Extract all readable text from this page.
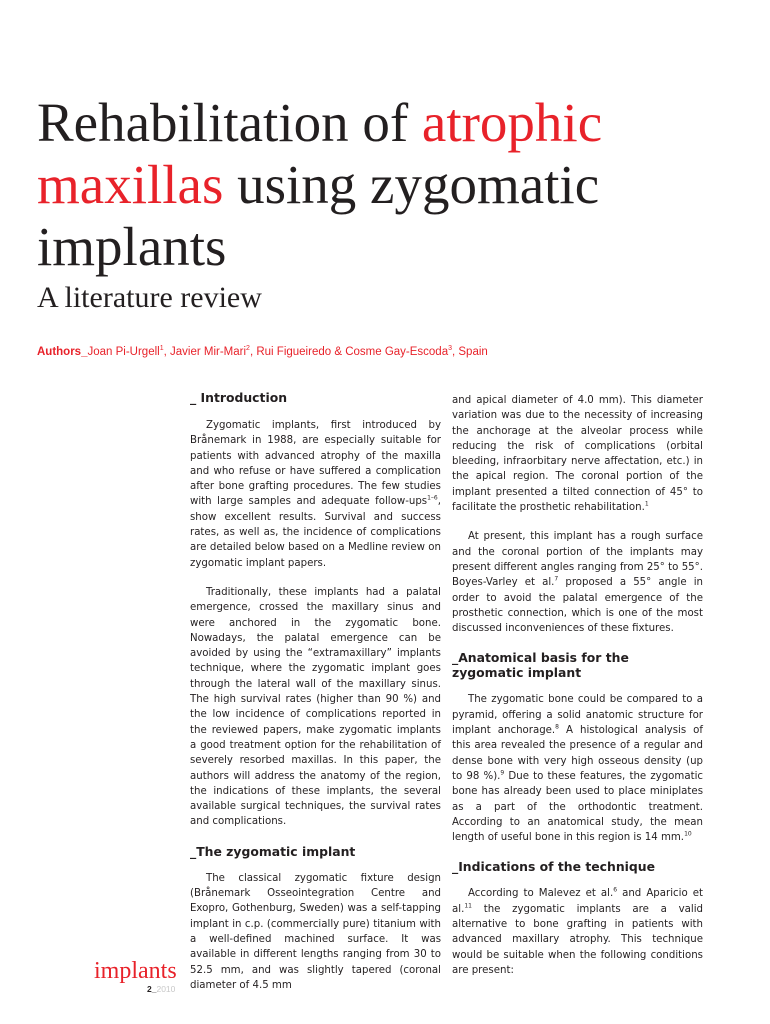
Rehabilitation of atrophic
maxillas using zygomatic
implants
A literature review
Authors_Joan Pi-Urgell$^1$, Javier Mir-Mari$^2$, Rui Figueiredo & Cosme Gay-Escoda$^3$, Spain
_ Introduction

Zygomatic implants, first introduced by Brånemark in 1988, are especially suitable for patients with advanced atrophy of the maxilla and who refuse or have suffered a complication after bone grafting procedures. The few studies with large samples and adequate follow-ups$^{1-6}$, show excellent results. Survival and success rates, as well as, the incidence of complications are detailed below based on a Medline review on zygomatic implant papers.

Traditionally, these implants had a palatal emergence, crossed the maxillary sinus and were anchored in the zygomatic bone. Nowadays, the palatal emergence can be avoided by using the “extramaxillary” implants technique, where the zygomatic implant goes through the lateral wall of the maxillary sinus. The high survival rates (higher than 90 %) and the low incidence of complications reported in the reviewed papers, make zygomatic implants a good treatment option for the rehabilitation of severely resorbed maxillas. In this paper, the authors will address the anatomy of the region, the indications of these implants, the several available surgical techniques, the survival rates and complications.

_The zygomatic implant

The classical zygomatic fixture design (Brånemark Osseointegration Centre and Exopro, Gothenburg, Sweden) was a self-tapping implant in c.p. (commercially pure) titanium with a well-defined machined surface. It was available in different lengths ranging from 30 to 52.5 mm, and was slightly tapered (coronal diameter of 4.5 mm

and apical diameter of 4.0 mm). This diameter variation was due to the necessity of increasing the anchorage at the alveolar process while reducing the risk of complications (orbital bleeding, infraorbitary nerve affectation, etc.) in the apical region. The coronal portion of the implant presented a tilted connection of 45° to facilitate the prosthetic rehabilitation.$^1$

At present, this implant has a rough surface and the coronal portion of the implants may present different angles ranging from 25° to 55°. Boyes-Varley et al.$^7$ proposed a 55° angle in order to avoid the palatal emergence of the prosthetic connection, which is one of the most discussed inconveniences of these fixtures.

_Anatomical basis for the
zygomatic implant

The zygomatic bone could be compared to a pyramid, offering a solid anatomic structure for implant anchorage.$^8$ A histological analysis of this area revealed the presence of a regular and dense bone with very high osseous density (up to 98 %).$^9$ Due to these features, the zygomatic bone has already been used to place miniplates as a part of the orthodontic treatment. According to an anatomical study, the mean length of useful bone in this region is 14 mm.$^{10}$

_Indications of the technique

According to Malevez et al.$^6$ and Aparicio et al.$^{11}$ the zygomatic implants are a valid alternative to bone grafting in patients with advanced maxillary atrophy. This technique would be suitable when the following conditions are present:

implants
2_2010
